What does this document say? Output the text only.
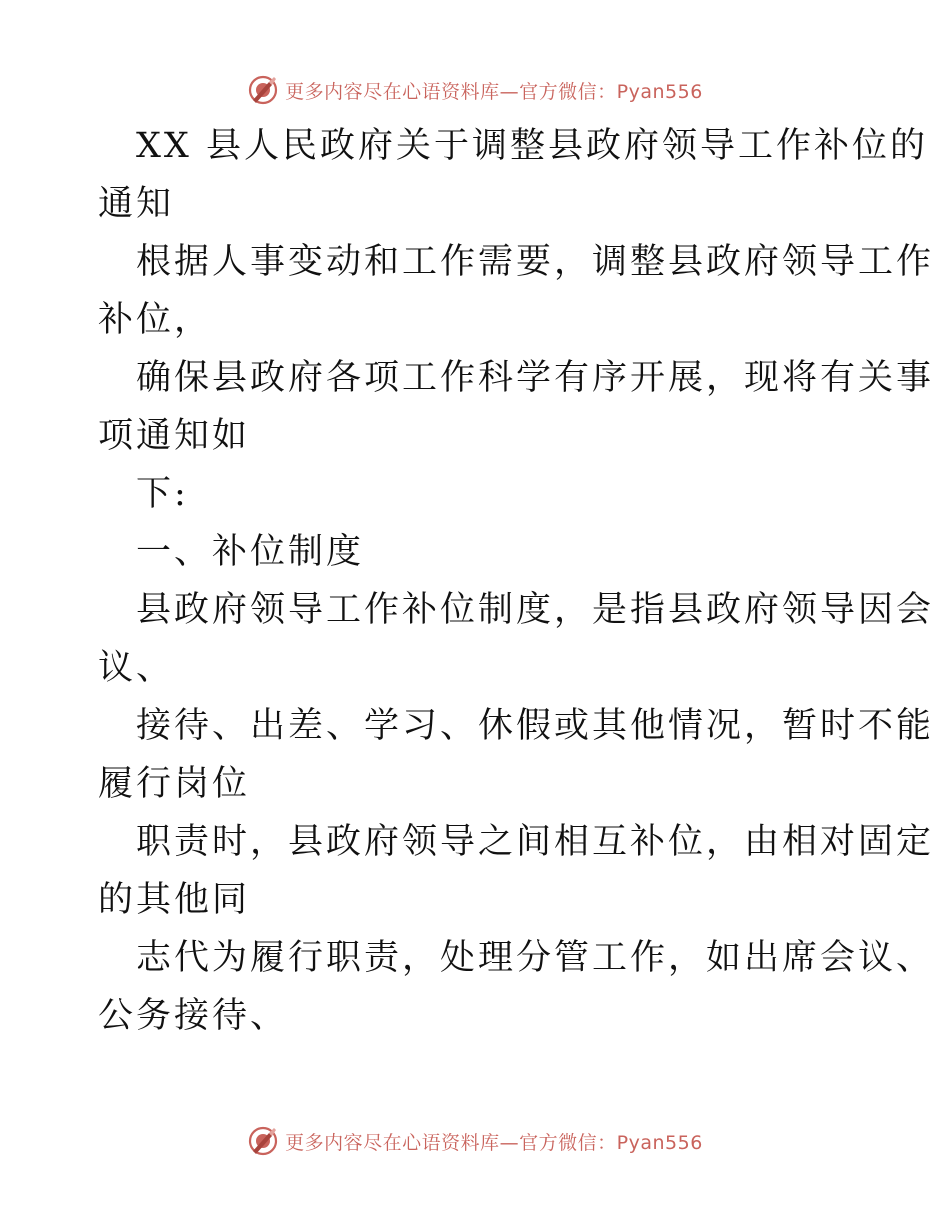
更多内容尽在心语资料库—官方微信：Pyan556
XX 县人民政府关于调整县政府领导工作补位的
通知
根据人事变动和工作需要，调整县政府领导工作
补位，
确保县政府各项工作科学有序开展，现将有关事
项通知如
下:
一、补位制度
县政府领导工作补位制度，是指县政府领导因会
议、
接待、出差、学习、休假或其他情况，暂时不能
履行岗位
职责时，县政府领导之间相互补位，由相对固定
的其他同
志代为履行职责，处理分管工作，如出席会议、
公务接待、
更多内容尽在心语资料库—官方微信：Pyan556
